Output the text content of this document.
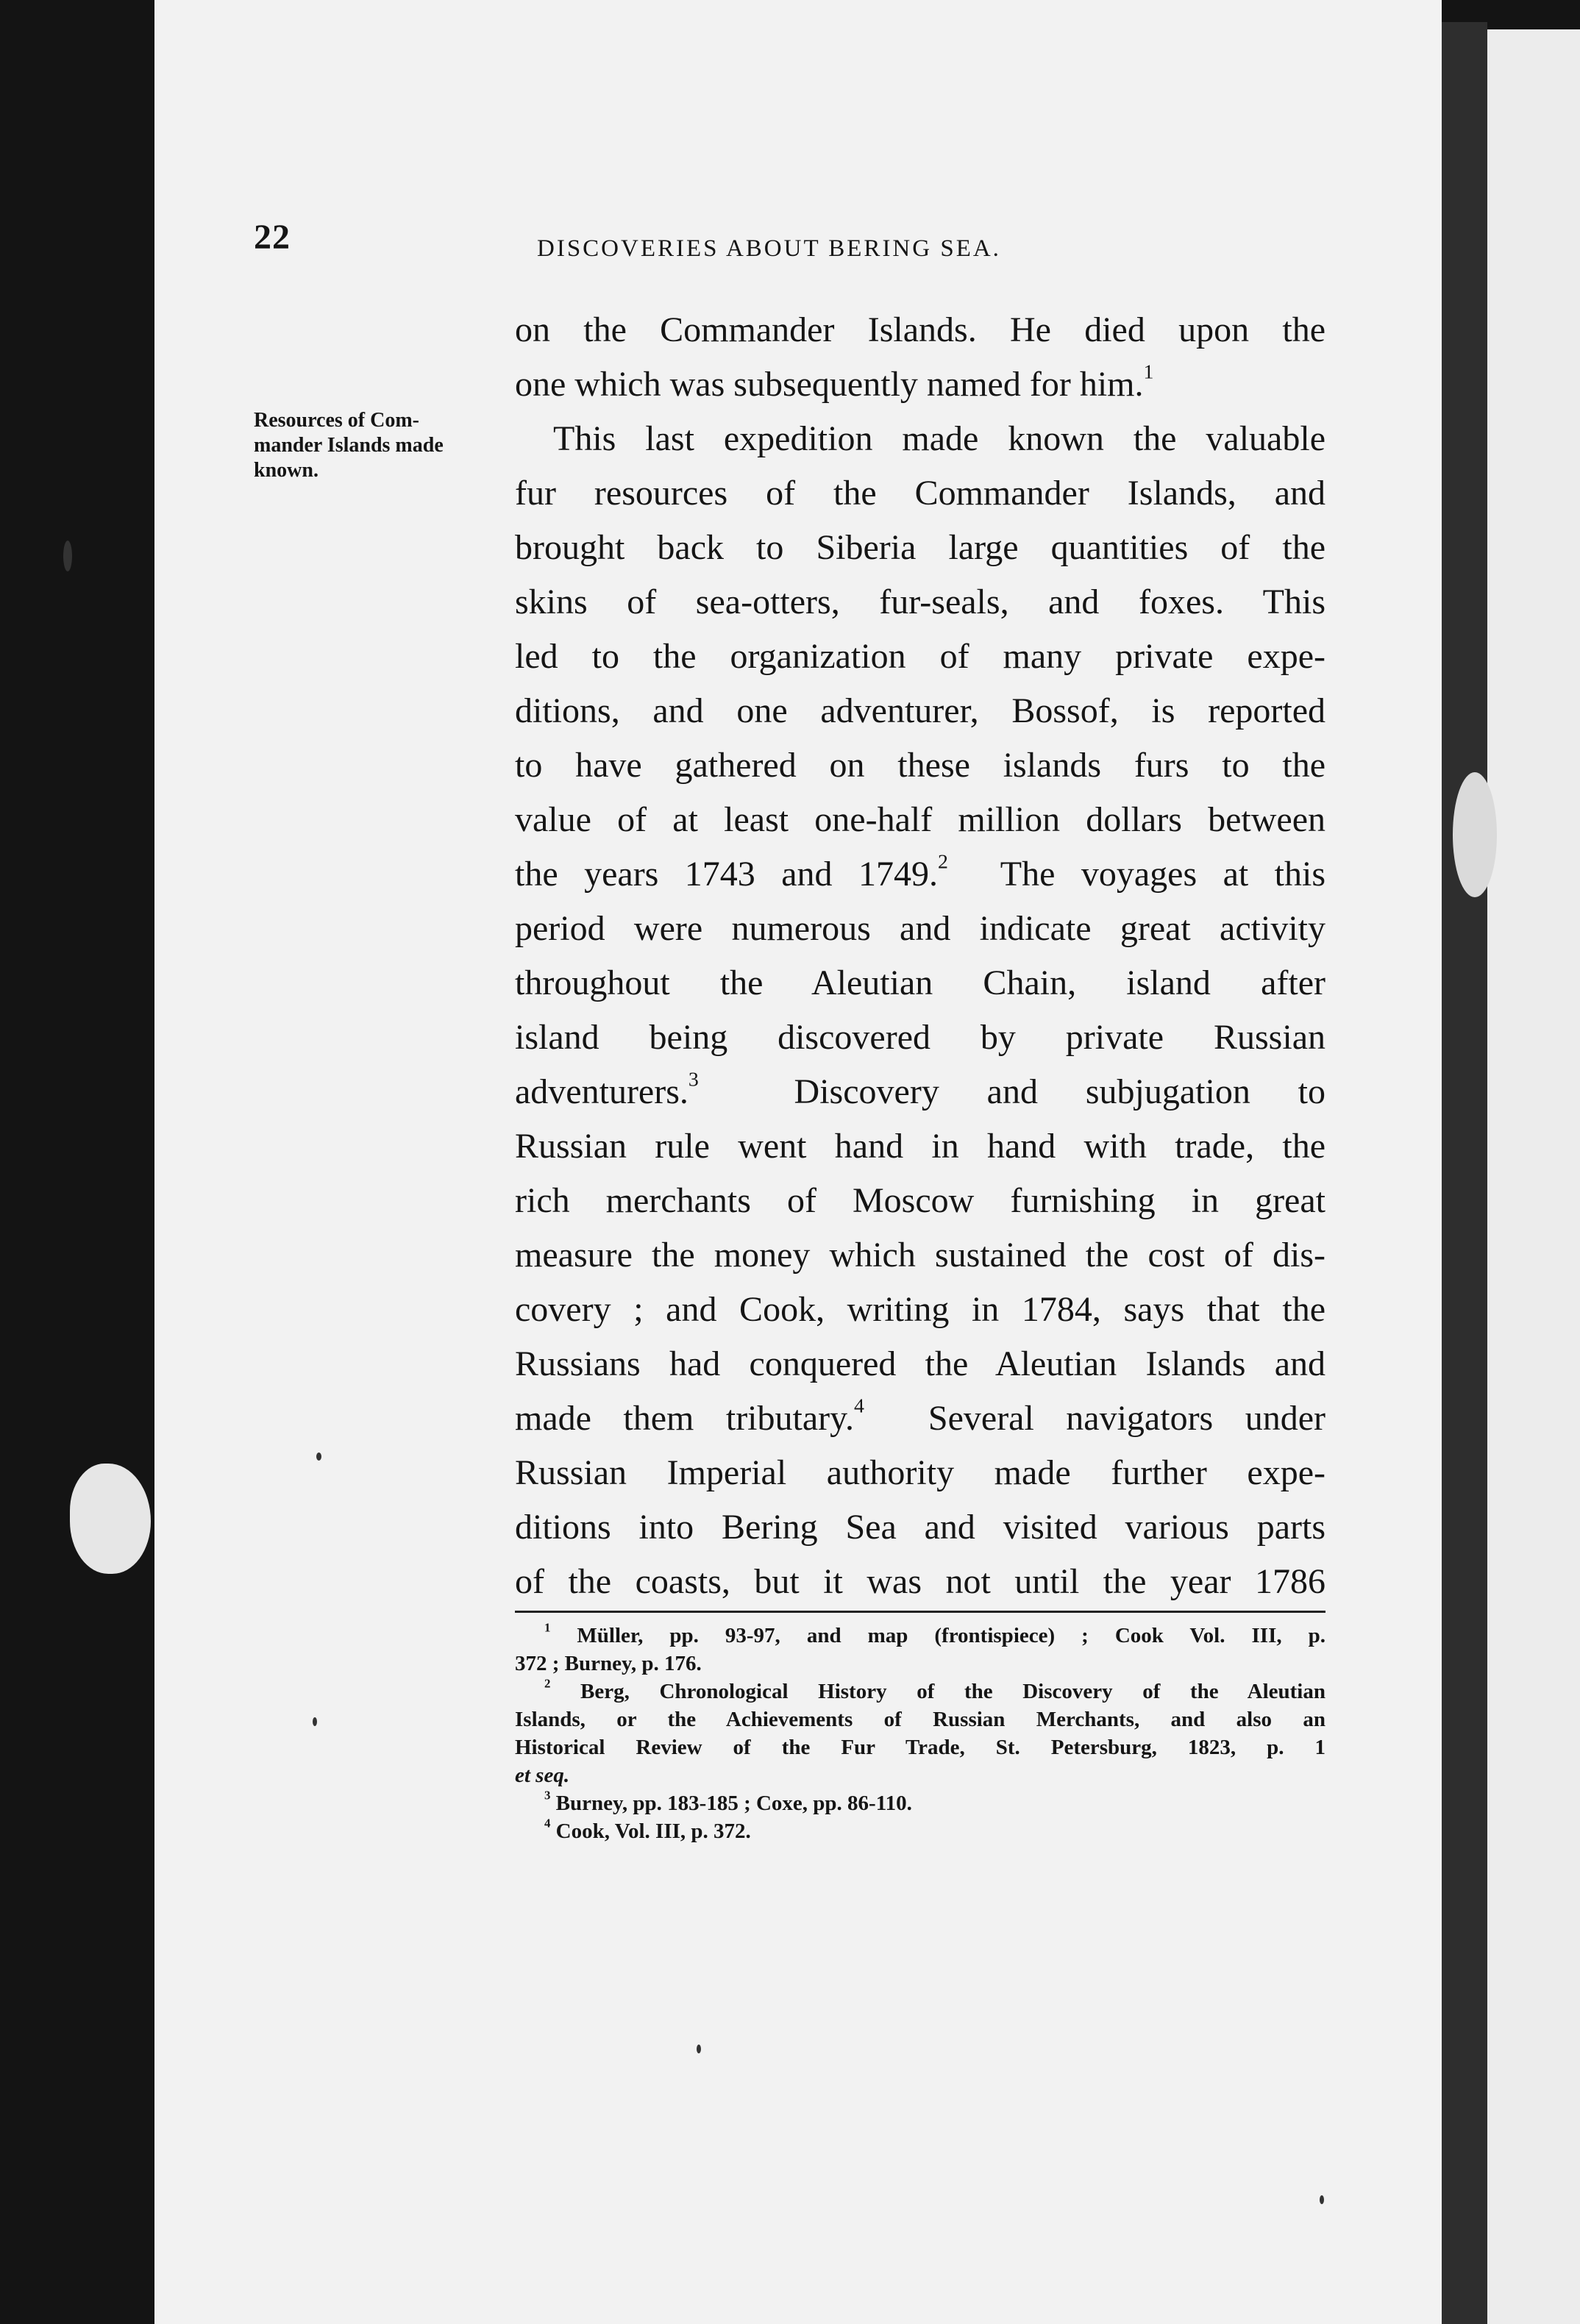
22	DISCOVERIES ABOUT BERING SEA.
Resources of Com-
mander Islands made
known.
on the Commander Islands. He died upon the
one which was subsequently named for him.$^1$
This last expedition made known the valuable
fur resources of the Commander Islands, and
brought back to Siberia large quantities of the
skins of sea-otters, fur-seals, and foxes. This
led to the organization of many private expe-
ditions, and one adventurer, Bossof, is reported
to have gathered on these islands furs to the
value of at least one-half million dollars between
the years 1743 and 1749.$^2$ The voyages at this
period were numerous and indicate great activity
throughout the Aleutian Chain, island after
island being discovered by private Russian
adventurers.$^3$	Discovery and subjugation to
Russian rule went hand in hand with trade, the
rich merchants of Moscow furnishing in great
measure the money which sustained the cost of dis-
covery ; and Cook, writing in 1784, says that the
Russians had conquered the Aleutian Islands and
made them tributary.$^4$ Several navigators under
Russian Imperial authority made further expe-
ditions into Bering Sea and visited various parts
of the coasts, but it was not until the year 1786
$^1$ Müller, pp. 93-97, and map (frontispiece) ; Cook Vol. III, p.
372 ; Burney, p. 176.
$^2$ Berg, Chronological History of the Discovery of the Aleutian
Islands, or the Achievements of Russian Merchants, and also an
Historical Review of the Fur Trade, St. Petersburg, 1823, p. 1
et seq.
$^3$ Burney, pp. 183-185 ; Coxe, pp. 86-110.
$^4$ Cook, Vol. III, p. 372.
